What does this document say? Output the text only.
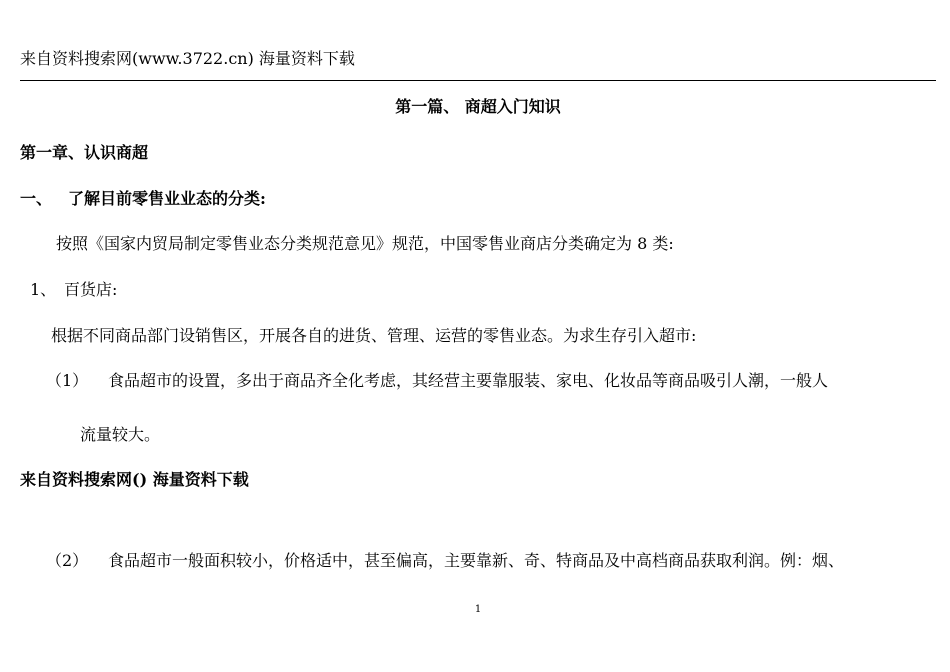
来自资料搜索网(www.3722.cn) 海量资料下载
第一篇、 商超入门知识
第一章、认识商超
一、 了解目前零售业业态的分类:
按照《国家内贸局制定零售业态分类规范意见》规范，中国零售业商店分类确定为 8 类:
1、 百货店:
根据不同商品部门设销售区，开展各自的进货、管理、运营的零售业态。为求生存引入超市:
（1） 食品超市的设置，多出于商品齐全化考虑，其经营主要靠服装、家电、化妆品等商品吸引人潮，一般人
流量较大。
来自资料搜索网() 海量资料下载
（2） 食品超市一般面积较小，价格适中，甚至偏高，主要靠新、奇、特商品及中高档商品获取利润。例：烟、
1
